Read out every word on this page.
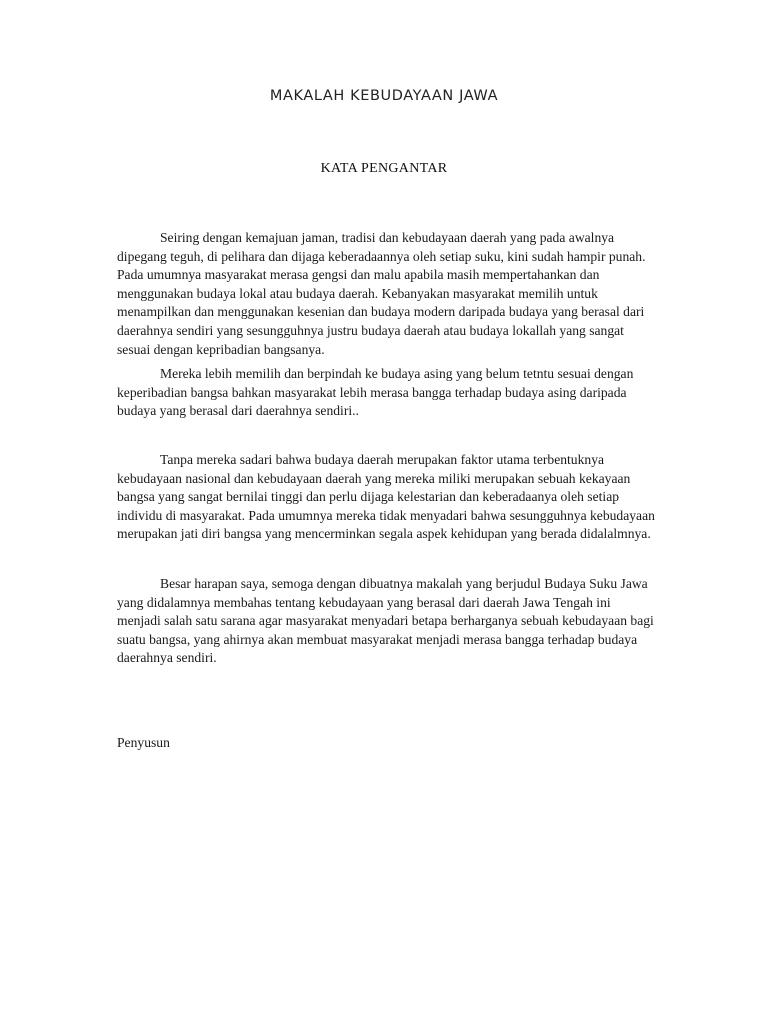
MAKALAH KEBUDAYAAN JAWA
KATA PENGANTAR

Seiring dengan kemajuan jaman, tradisi dan kebudayaan daerah yang pada awalnya dipegang teguh, di pelihara dan dijaga keberadaannya oleh setiap suku, kini sudah hampir punah. Pada umumnya masyarakat merasa gengsi dan malu apabila masih mempertahankan dan menggunakan budaya lokal atau budaya daerah. Kebanyakan masyarakat memilih untuk menampilkan dan menggunakan kesenian dan budaya modern daripada budaya yang berasal dari daerahnya sendiri yang sesungguhnya justru budaya daerah atau budaya lokallah yang sangat sesuai dengan kepribadian bangsanya.

Mereka lebih memilih dan berpindah ke budaya asing yang belum tetntu sesuai dengan keperibadian bangsa bahkan masyarakat lebih merasa bangga terhadap budaya asing daripada budaya yang berasal dari daerahnya sendiri..

Tanpa mereka sadari bahwa budaya daerah merupakan faktor utama terbentuknya kebudayaan nasional dan kebudayaan daerah yang mereka miliki merupakan sebuah kekayaan bangsa yang sangat bernilai tinggi dan perlu dijaga kelestarian dan keberadaanya oleh setiap individu di masyarakat. Pada umumnya mereka tidak menyadari bahwa sesungguhnya kebudayaan merupakan jati diri bangsa yang mencerminkan segala aspek kehidupan yang berada didalalmnya.

Besar harapan saya, semoga dengan dibuatnya makalah yang berjudul Budaya Suku Jawa yang didalamnya membahas tentang kebudayaan yang berasal dari daerah Jawa Tengah ini menjadi salah satu sarana agar masyarakat menyadari betapa berharganya sebuah kebudayaan bagi suatu bangsa, yang ahirnya akan membuat masyarakat menjadi merasa bangga terhadap budaya daerahnya sendiri.

Penyusun
